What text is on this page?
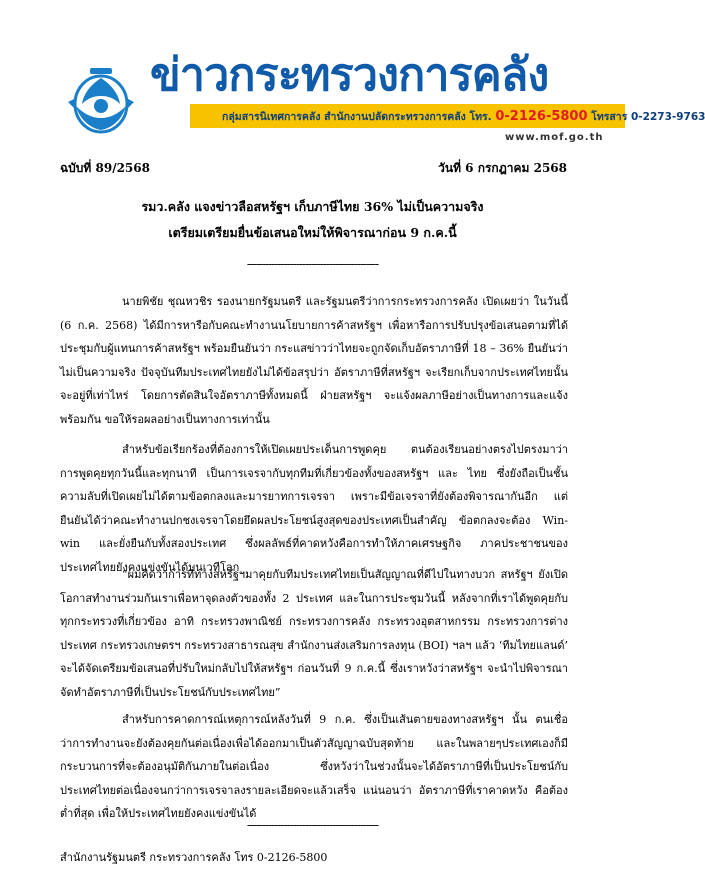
ข่าวกระทรวงการคลัง
กลุ่มสารนิเทศการคลัง สำนักงานปลัดกระทรวงการคลัง โทร. 0-2126-5800 โทรสาร 0-2273-9763
www.mof.go.th
ฉบับที่ 89/2568	วันที่ 6 กรกฎาคม 2568
รมว.คลัง แจงข่าวลือสหรัฐฯ เก็บภาษีไทย 36% ไม่เป็นความจริง
เตรียมเตรียมยื่นข้อเสนอใหม่ให้พิจารณาก่อน 9 ก.ค.นี้
-------------------------------------------
นายพิชัย ชุณหวชิร รองนายกรัฐมนตรี และรัฐมนตรีว่าการกระทรวงการคลัง เปิดเผยว่า ในวันนี้ (6 ก.ค. 2568) ได้มีการหารือกับคณะทำงานนโยบายการค้าสหรัฐฯ เพื่อหารือการปรับปรุงข้อเสนอตามที่ได้ประชุมกับผู้แทนการค้าสหรัฐฯ พร้อมยืนยันว่า กระแสข่าวว่าไทยจะถูกจัดเก็บอัตราภาษีที่ 18 – 36% ยืนยันว่า ไม่เป็นความจริง ปัจจุบันทีมประเทศไทยยังไม่ได้ข้อสรุปว่า อัตราภาษีที่สหรัฐฯ จะเรียกเก็บจากประเทศไทยนั้นจะอยู่ที่เท่าไหร่ โดยการตัดสินใจอัตราภาษีทั้งหมดนี้ ฝ่ายสหรัฐฯ จะแจ้งผลภาษีอย่างเป็นทางการและแจ้งพร้อมกัน ขอให้รอผลอย่างเป็นทางการเท่านั้น
สำหรับข้อเรียกร้องที่ต้องการให้เปิดเผยประเด็นการพูดคุย ตนต้องเรียนอย่างตรงไปตรงมาว่า การพูดคุยทุกวันนี้และทุกนาที เป็นการเจรจากับทุกทีมที่เกี่ยวข้องทั้งของสหรัฐฯ และ ไทย ซึ่งยังถือเป็นชั้นความลับที่เปิดเผยไม่ได้ตามข้อตกลงและมารยาทการเจรจา เพราะมีข้อเจรจาที่ยังต้องพิจารณากันอีก แต่ยืนยันได้ว่าคณะทำงานปกชงเจรจาโดยยึดผลประโยชน์สูงสุดของประเทศเป็นสำคัญ ข้อตกลงจะต้อง Win-win และยั่งยืนกับทั้งสองประเทศ ซึ่งผลลัพธ์ที่คาดหวังคือการทำให้ภาคเศรษฐกิจ ภาคประชาชนของประเทศไทยยังคงแข่งขันได้บนเวทีโลก
“ผมคิดว่าการที่ทางสหรัฐฯมาคุยกับทีมประเทศไทยเป็นสัญญาณที่ดีไปในทางบวก สหรัฐฯ ยังเปิดโอกาสทำงานร่วมกันเราเพื่อหาจุดลงตัวของทั้ง 2 ประเทศ และในการประชุมวันนี้ หลังจากที่เราได้พูดคุยกับทุกกระทรวงที่เกี่ยวข้อง อาทิ กระทรวงพาณิชย์ กระทรวงการคลัง กระทรวงอุตสาหกรรม กระทรวงการต่างประเทศ กระทรวงเกษตรฯ กระทรวงสาธารณสุข สำนักงานส่งเสริมการลงทุน (BOI) ฯลฯ แล้ว ‘ทีมไทยแลนด์’ จะได้จัดเตรียมข้อเสนอที่ปรับใหม่กลับไปให้สหรัฐฯ ก่อนวันที่ 9 ก.ค.นี้ ซึ่งเราหวังว่าสหรัฐฯ จะนำไปพิจารณาจัดทำอัตราภาษีที่เป็นประโยชน์กับประเทศไทย”
สำหรับการคาดการณ์เหตุการณ์หลังวันที่ 9 ก.ค. ซึ่งเป็นเส้นตายของทางสหรัฐฯ นั้น ตนเชื่อว่าการทำงานจะยังต้องคุยกันต่อเนื่องเพื่อได้ออกมาเป็นตัวสัญญาฉบับสุดท้าย และในพลายๆประเทศเองก็มีกระบวนการที่จะต้องอนุมัติกันภายในต่อเนื่อง ซึ่งหวังว่าในช่วงนั้นจะได้อัตราภาษีที่เป็นประโยชน์กับประเทศไทยต่อเนื่องจนกว่าการเจรจาลงรายละเอียดจะแล้วเสร็จ แน่นอนว่า อัตราภาษีที่เราคาดหวัง คือต้องต่ำที่สุด เพื่อให้ประเทศไทยยังคงแข่งขันได้
-------------------------------------------
สำนักงานรัฐมนตรี กระทรวงการคลัง โทร 0-2126-5800
